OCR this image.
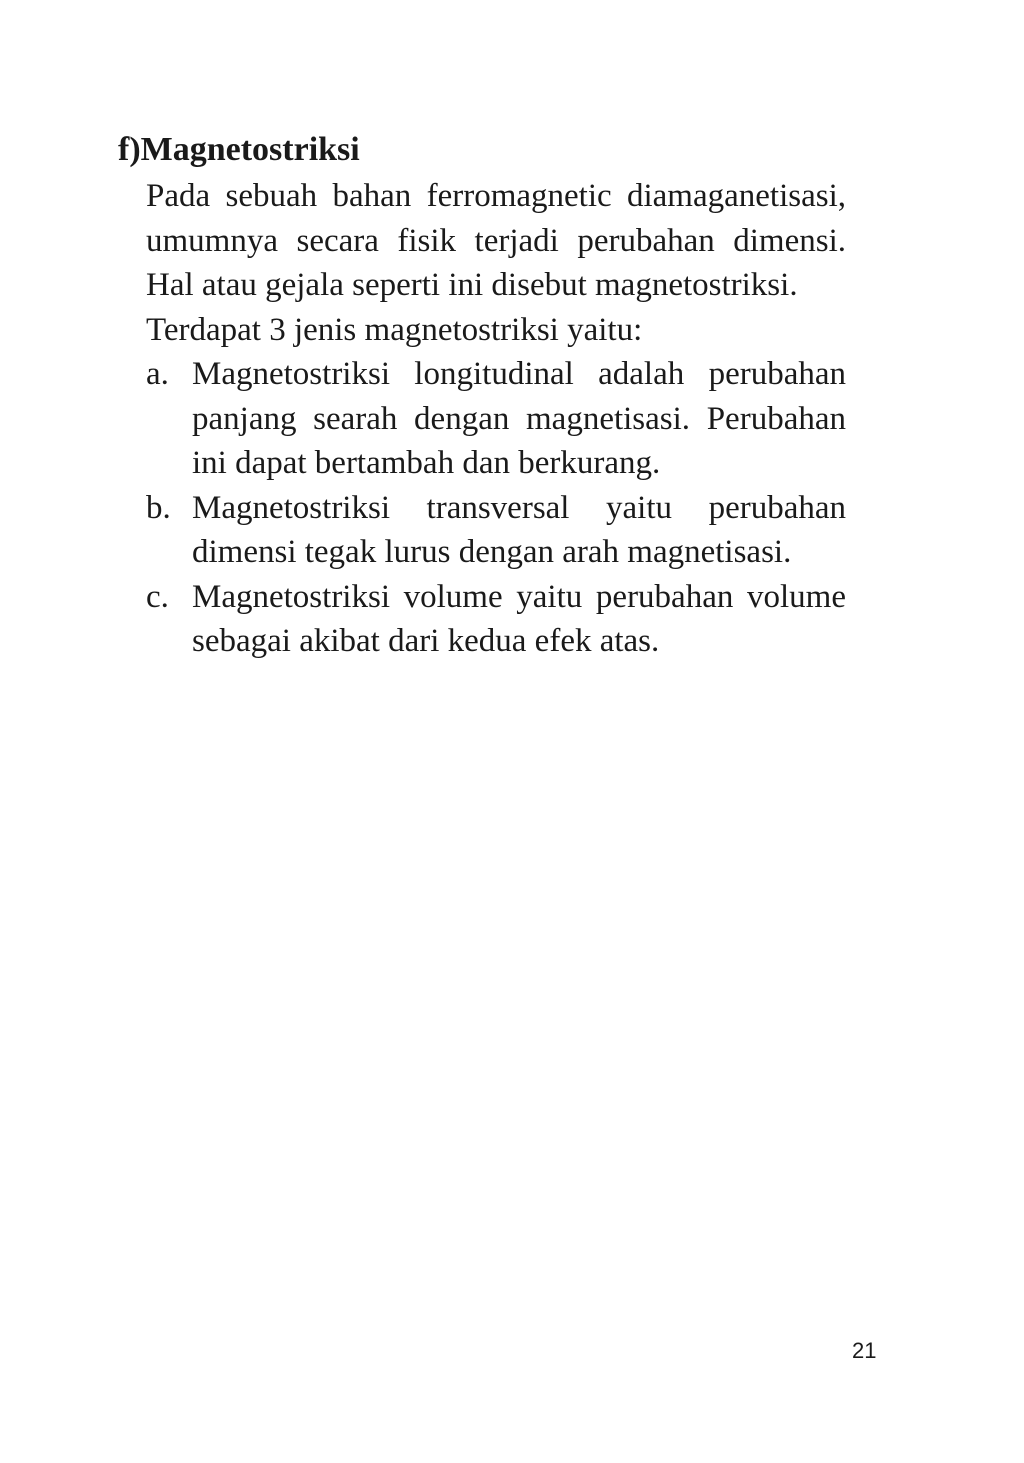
f)Magnetostriksi

Pada sebuah bahan ferromagnetic diamaganetisasi, umumnya secara fisik terjadi perubahan dimensi. Hal atau gejala seperti ini disebut magnetostriksi.

Terdapat 3 jenis magnetostriksi yaitu:

a. Magnetostriksi longitudinal adalah perubahan panjang searah dengan magnetisasi. Perubahan ini dapat bertambah dan berkurang.
b. Magnetostriksi transversal yaitu perubahan dimensi tegak lurus dengan arah magnetisasi.
c. Magnetostriksi volume yaitu perubahan volume sebagai akibat dari kedua efek atas.
21
